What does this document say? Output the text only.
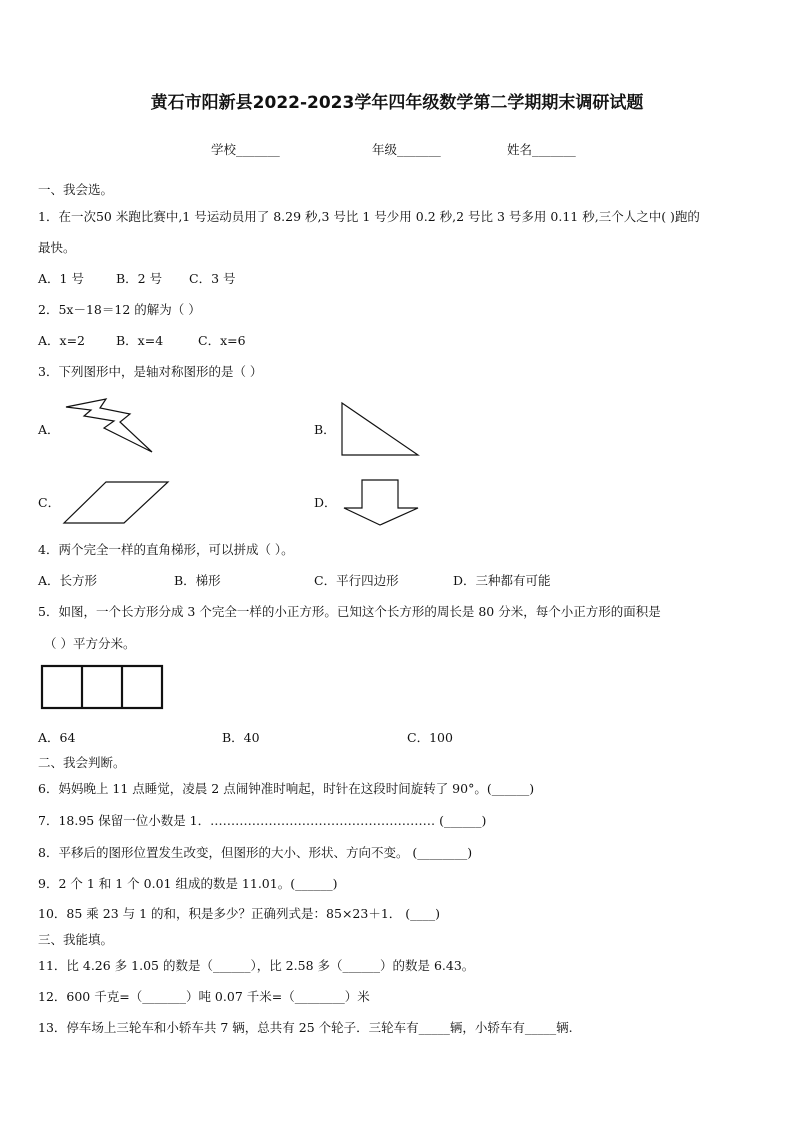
黄石市阳新县2022-2023学年四年级数学第二学期期末调研试题
学校_______	年级_______	姓名_______
一、我会选。
1．在一次50 米跑比赛中,1 号运动员用了 8.29 秒,3 号比 1 号少用 0.2 秒,2 号比 3 号多用 0.11 秒,三个人之中( )跑的
最快。
A．1 号	B．2 号 C．3 号
2．5x－18＝12 的解为（ ）
A．x=2 B．x=4	C．x=6
3．下列图形中，是轴对称图形的是（ ）
A．	B．
C．	D．
4．两个完全一样的直角梯形，可以拼成（ ）。
A．长方形	B．梯形	C．平行四边形	D．三种都有可能
5．如图，一个长方形分成 3 个完全一样的小正方形。已知这个长方形的周长是 80 分米，每个小正方形的面积是
（ ）平方分米。
A．64	B．40	C．100
二、我会判断。
6．妈妈晚上 11 点睡觉，凌晨 2 点闹钟准时响起，时针在这段时间旋转了 90°。(______)
7．18.95 保留一位小数是 1．……………………………………………… (______)
8．平移后的图形位置发生改变，但图形的大小、形状、方向不变。 (________)
9．2 个 1 和 1 个 0.01 组成的数是 11.01。(______)
10．85 乘 23 与 1 的和，积是多少？正确列式是：85×23＋1． (____)
三、我能填。
11．比 4.26 多 1.05 的数是（______），比 2.58 多（______）的数是 6.43。
12．600 千克=（_______）吨 0.07 千米=（________）米
13．停车场上三轮车和小轿车共 7 辆，总共有 25 个轮子．三轮车有_____辆，小轿车有_____辆.
